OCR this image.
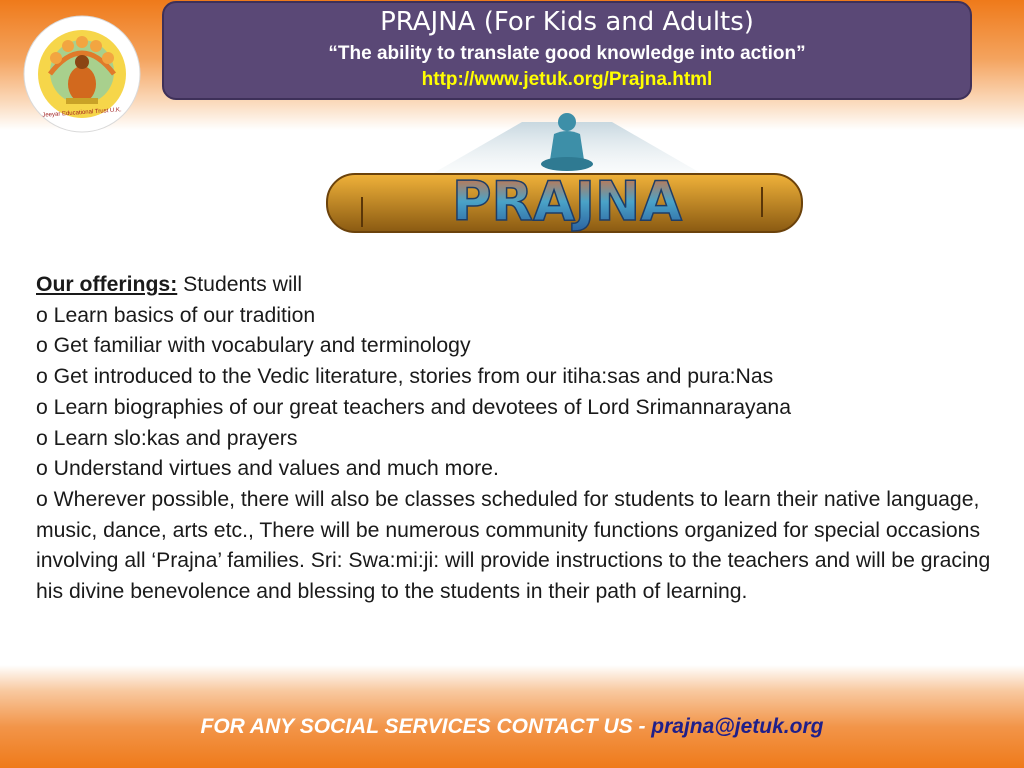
Jeeyar Educational Trust U.K.
PRAJNA (For Kids and Adults)
“The ability to translate good knowledge into action”
http://www.jetuk.org/Prajna.html
PRAJNA

Our offerings: Students will

o Learn basics of our tradition

o Get familiar with vocabulary and terminology

o Get introduced to the Vedic literature, stories from our itiha:sas and pura:Nas

o Learn biographies of our great teachers and devotees of Lord Srimannarayana

o Learn slo:kas and prayers

o Understand virtues and values and much more.

o Wherever possible, there will also be classes scheduled for students to learn their native language, music, dance, arts etc., There will be numerous community functions organized for special occasions involving all ‘Prajna’ families. Sri: Swa:mi:ji: will provide instructions to the teachers and will be gracing his divine benevolence and blessing to the students in their path of learning.

FOR ANY SOCIAL SERVICES CONTACT US - prajna@jetuk.org
